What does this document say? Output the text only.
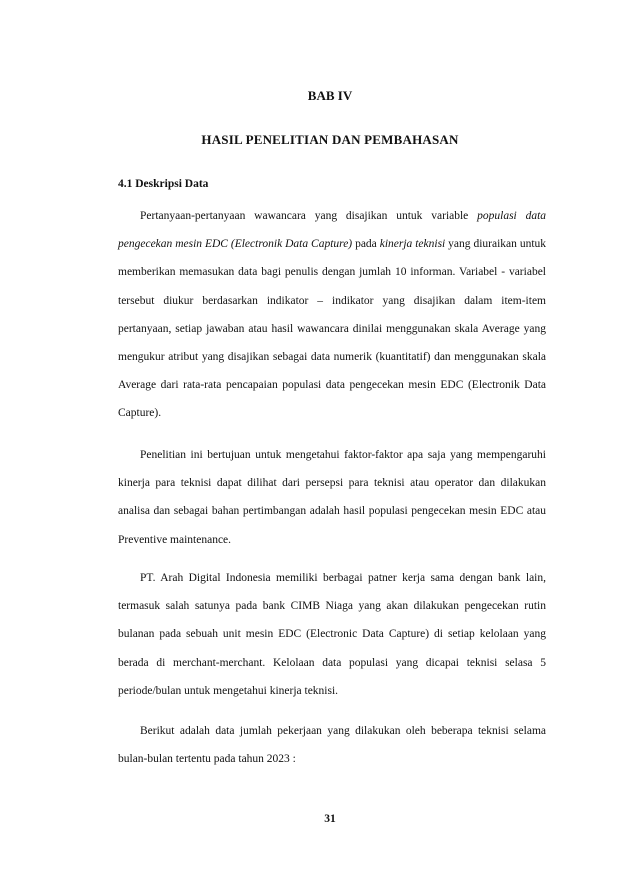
BAB IV
HASIL PENELITIAN DAN PEMBAHASAN
4.1 Deskripsi Data

Pertanyaan-pertanyaan wawancara yang disajikan untuk variable populasi data pengecekan mesin EDC (Electronik Data Capture) pada kinerja teknisi yang diuraikan untuk memberikan memasukan data bagi penulis dengan jumlah 10 informan. Variabel - variabel tersebut diukur berdasarkan indikator – indikator yang disajikan dalam item-item pertanyaan, setiap jawaban atau hasil wawancara dinilai menggunakan skala Average yang mengukur atribut yang disajikan sebagai data numerik (kuantitatif) dan menggunakan skala Average dari rata-rata pencapaian populasi data pengecekan mesin EDC (Electronik Data Capture).

Penelitian ini bertujuan untuk mengetahui faktor-faktor apa saja yang mempengaruhi kinerja para teknisi dapat dilihat dari persepsi para teknisi atau operator dan dilakukan analisa dan sebagai bahan pertimbangan adalah hasil populasi pengecekan mesin EDC atau Preventive maintenance.

PT. Arah Digital Indonesia memiliki berbagai patner kerja sama dengan bank lain, termasuk salah satunya pada bank CIMB Niaga yang akan dilakukan pengecekan rutin bulanan pada sebuah unit mesin EDC (Electronic Data Capture) di setiap kelolaan yang berada di merchant-merchant. Kelolaan data populasi yang dicapai teknisi selasa 5 periode/bulan untuk mengetahui kinerja teknisi.

Berikut adalah data jumlah pekerjaan yang dilakukan oleh beberapa teknisi selama bulan-bulan tertentu pada tahun 2023 :

31
